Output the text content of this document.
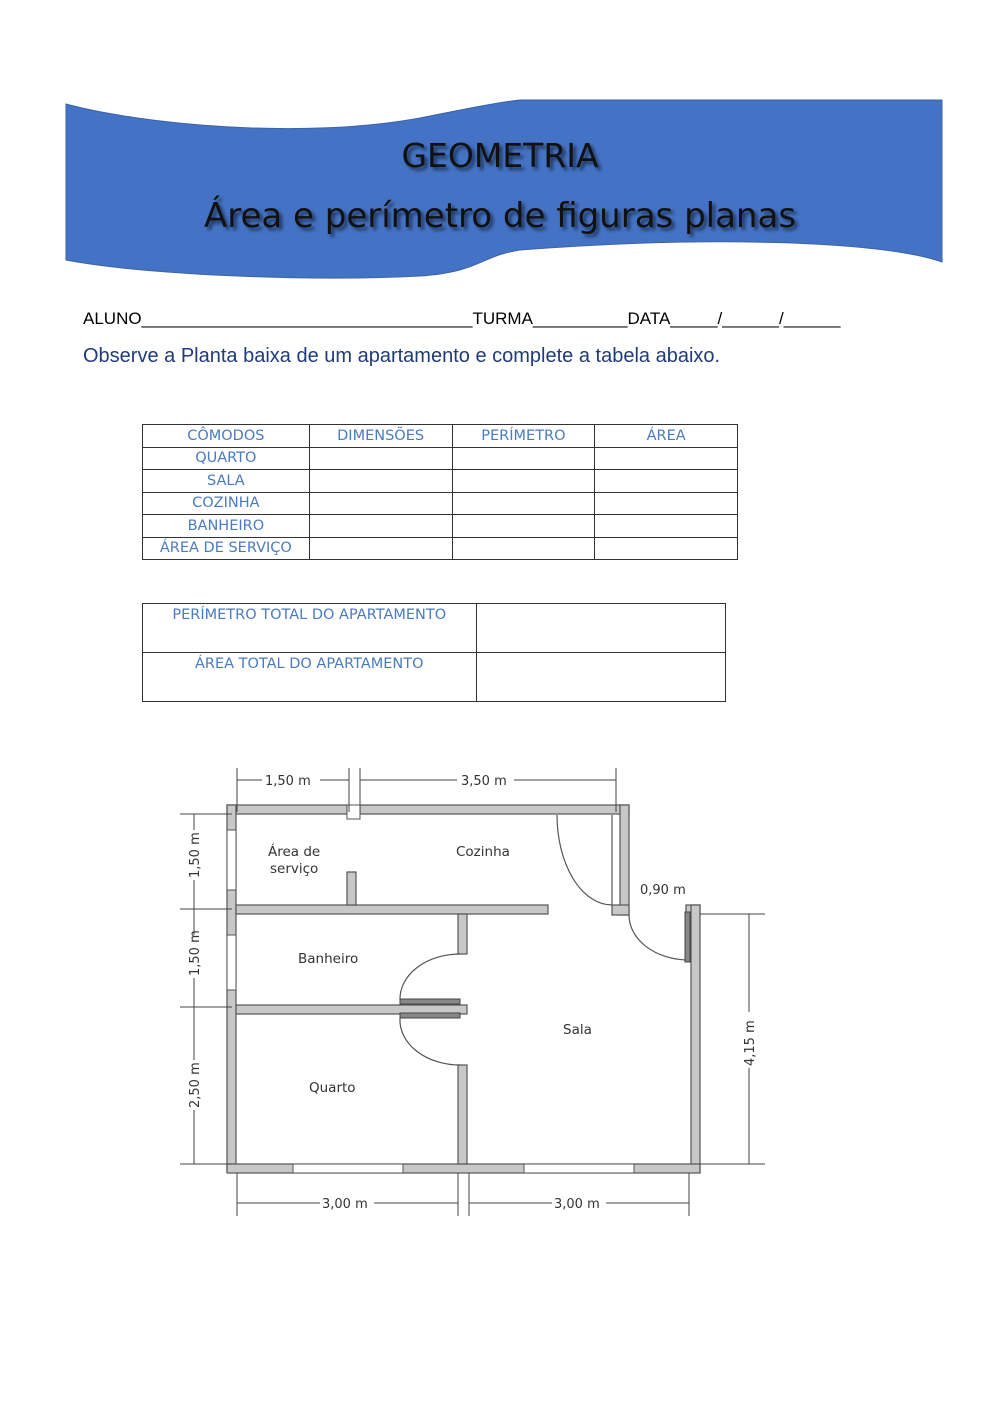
GEOMETRIA
Área e perímetro de figuras planas
ALUNO___________________________________TURMA__________DATA_____/______/______
Observe a Planta baixa de um apartamento e complete a tabela abaixo.
CÔMODOS	DIMENSÕES	PERÍMETRO	ÁREA
QUARTO			
SALA			
COZINHA			
BANHEIRO			
ÁREA DE SERVIÇO			
PERÍMETRO TOTAL DO APARTAMENTO	
ÁREA TOTAL DO APARTAMENTO	
Área de
serviço
Cozinha
Banheiro
Sala
Quarto
1,50 m	3,50 m
1,50 m
1,50 m
2,50 m
0,90 m
4,15 m
3,00 m	3,00 m
